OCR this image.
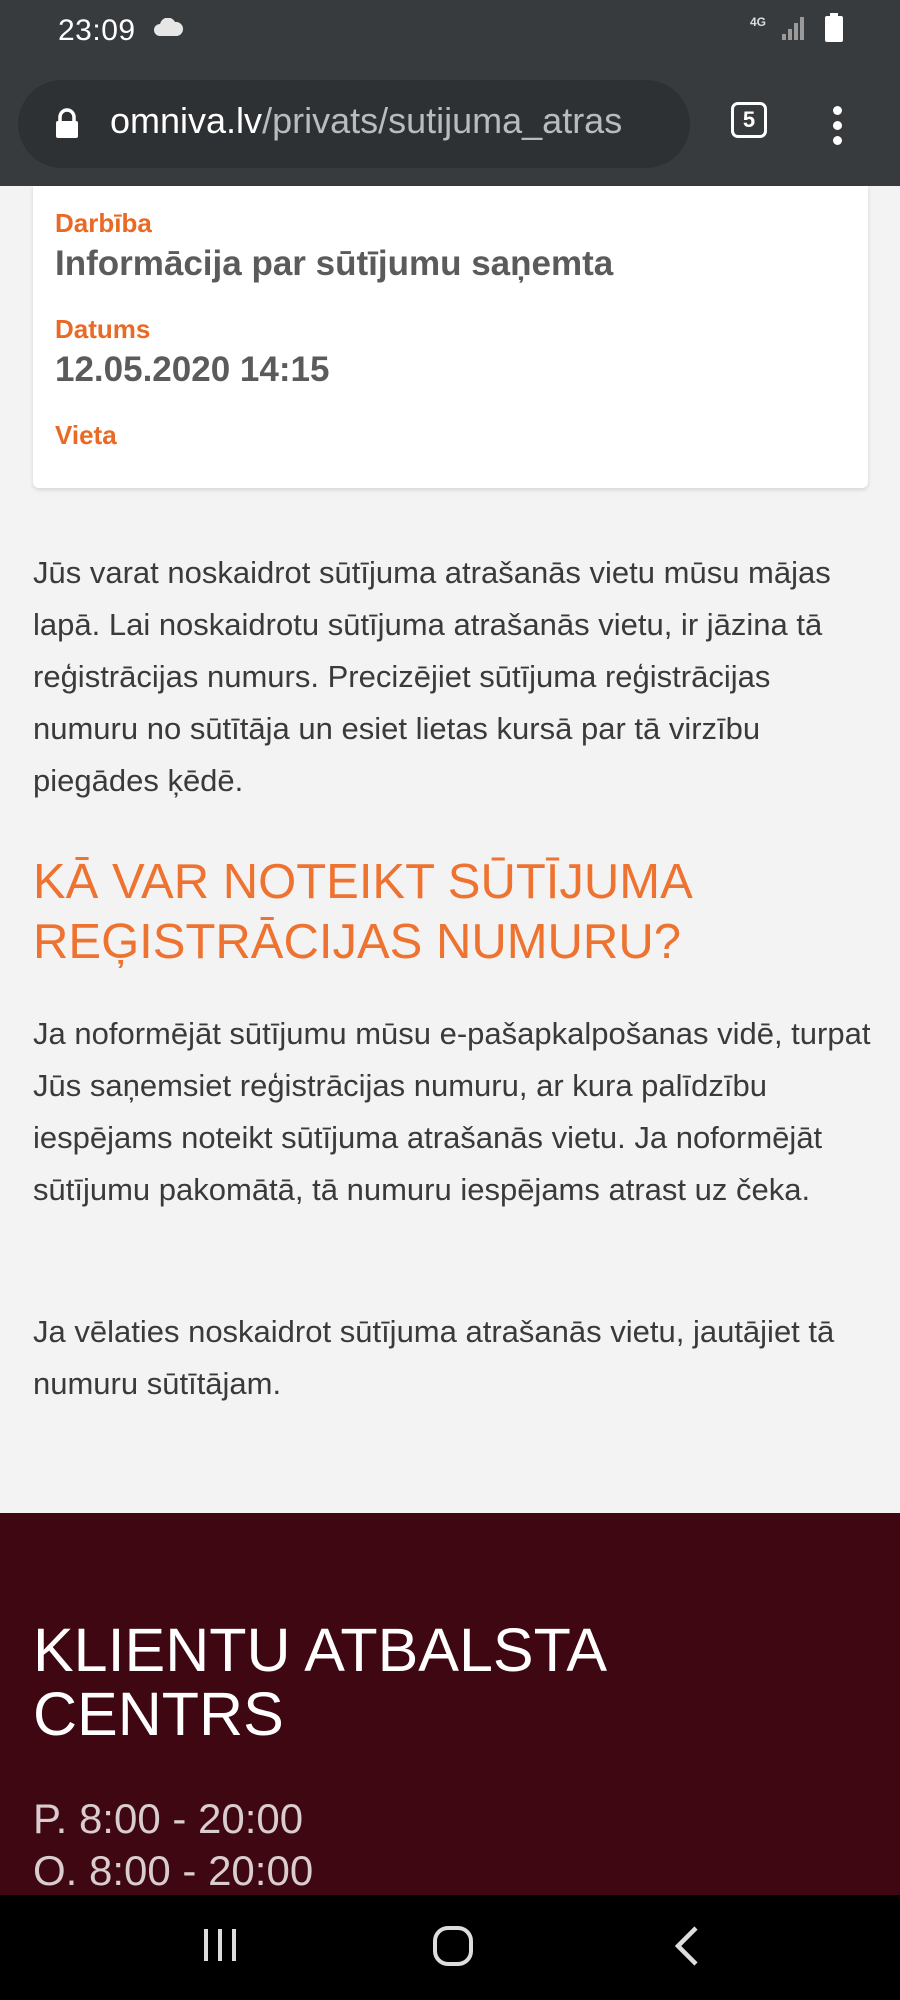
23:09	4G
omniva.lv/privats/sutijuma_atras	5
Darbība
Informācija par sūtījumu saņemta
Datums
12.05.2020 14:15
Vieta
Jūs varat noskaidrot sūtījuma atrašanās vietu mūsu mājas lapā. Lai noskaidrotu sūtījuma atrašanās vietu, ir jāzina tā reģistrācijas numurs. Precizējiet sūtījuma reģistrācijas numuru no sūtītāja un esiet lietas kursā par tā virzību piegādes ķēdē.
KĀ VAR NOTEIKT SŪTĪJUMA REĢISTRĀCIJAS NUMURU?
Ja noformējāt sūtījumu mūsu e-pašapkalpošanas vidē, turpat Jūs saņemsiet reģistrācijas numuru, ar kura palīdzību iespējams noteikt sūtījuma atrašanās vietu. Ja noformējāt sūtījumu pakomātā, tā numuru iespējams atrast uz čeka.
Ja vēlaties noskaidrot sūtījuma atrašanās vietu, jautājiet tā numuru sūtītājam.
KLIENTU ATBALSTA CENTRS
P. 8:00 - 20:00
O. 8:00 - 20:00
